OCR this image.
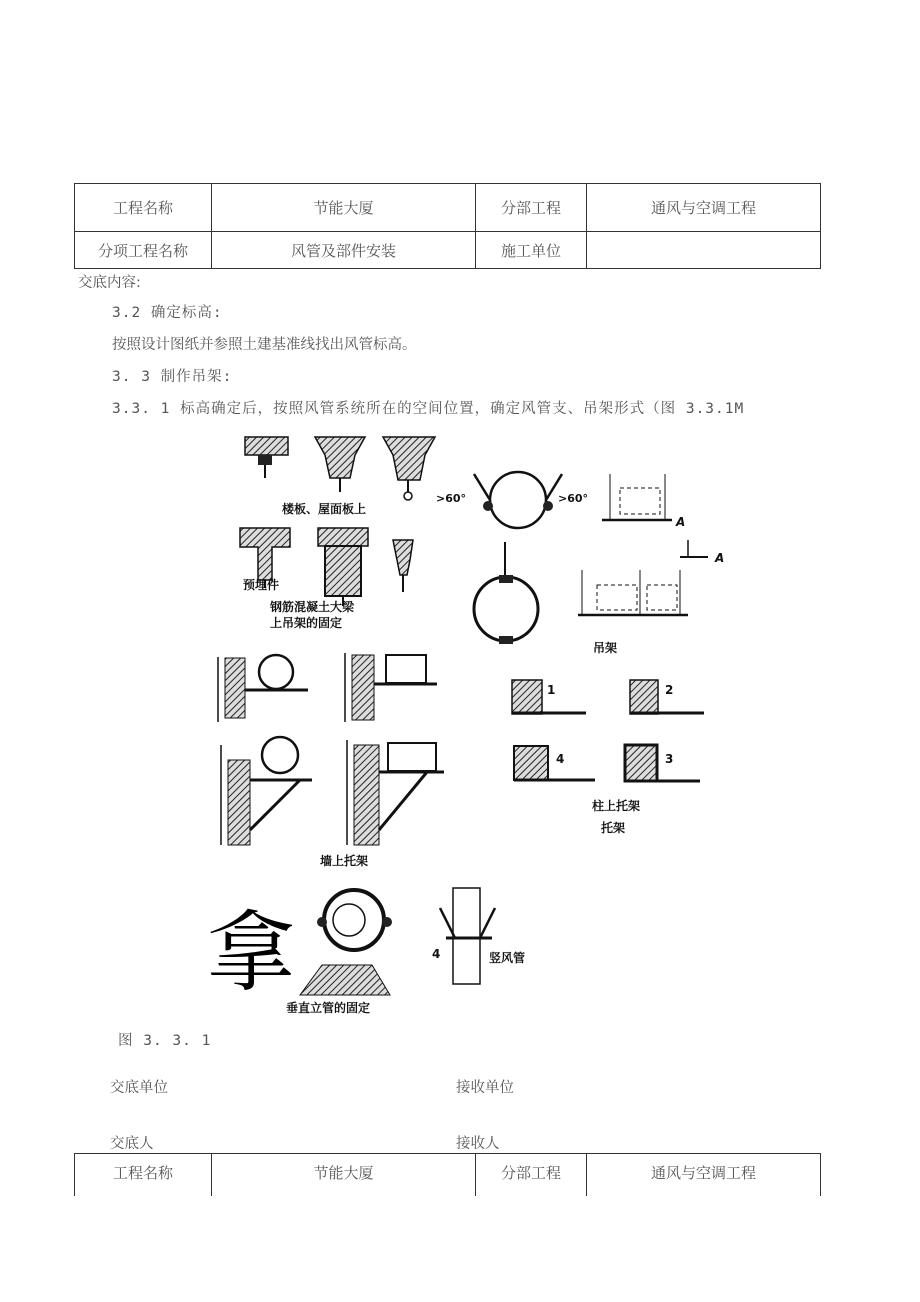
工程名称	节能大厦	分部工程	通风与空调工程
分项工程名称	风管及部件安装	施工单位	
交底内容:
3.2 确定标高:
按照设计图纸并参照土建基准线找出风管标高。
3. 3 制作吊架:
3.3. 1 标高确定后，按照风管系统所在的空间位置，确定风管支、吊架形式（图 3.3.1M
楼板、屋面板上
预埋件
钢筋混凝土大梁
上吊架的固定
>60°	>60°
A
A
吊架
墙上托架
1	2
4	3
柱上托架
托架
拿	4	竖风管
垂直立管的固定
图 3. 3. 1
交底单位	接收单位
交底人	接收人
工程名称	节能大厦	分部工程	通风与空调工程
